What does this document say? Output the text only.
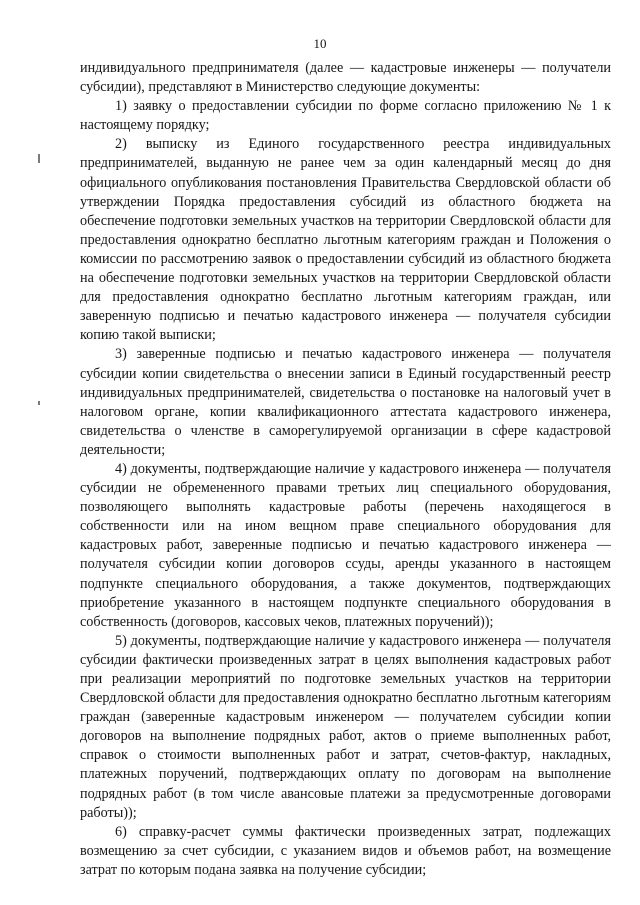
10

индивидуального предпринимателя (далее — кадастровые инженеры — получатели субсидии), представляют в Министерство следующие документы:

1) заявку о предоставлении субсидии по форме согласно приложению № 1 к настоящему порядку;

2) выписку из Единого государственного реестра индивидуальных предпринимателей, выданную не ранее чем за один календарный месяц до дня официального опубликования постановления Правительства Свердловской области об утверждении Порядка предоставления субсидий из областного бюджета на обеспечение подготовки земельных участков на территории Свердловской области для предоставления однократно бесплатно льготным категориям граждан и Положения о комиссии по рассмотрению заявок о предоставлении субсидий из областного бюджета на обеспечение подготовки земельных участков на территории Свердловской области для предоставления однократно бесплатно льготным категориям граждан, или заверенную подписью и печатью кадастрового инженера — получателя субсидии копию такой выписки;

3) заверенные подписью и печатью кадастрового инженера — получателя субсидии копии свидетельства о внесении записи в Единый государственный реестр индивидуальных предпринимателей, свидетельства о постановке на налоговый учет в налоговом органе, копии квалификационного аттестата кадастрового инженера, свидетельства о членстве в саморегулируемой организации в сфере кадастровой деятельности;

4) документы, подтверждающие наличие у кадастрового инженера — получателя субсидии не обремененного правами третьих лиц специального оборудования, позволяющего выполнять кадастровые работы (перечень находящегося в собственности или на ином вещном праве специального оборудования для кадастровых работ, заверенные подписью и печатью кадастрового инженера — получателя субсидии копии договоров ссуды, аренды указанного в настоящем подпункте специального оборудования, а также документов, подтверждающих приобретение указанного в настоящем подпункте специального оборудования в собственность (договоров, кассовых чеков, платежных поручений));

5) документы, подтверждающие наличие у кадастрового инженера — получателя субсидии фактически произведенных затрат в целях выполнения кадастровых работ при реализации мероприятий по подготовке земельных участков на территории Свердловской области для предоставления однократно бесплатно льготным категориям граждан (заверенные кадастровым инженером — получателем субсидии копии договоров на выполнение подрядных работ, актов о приеме выполненных работ, справок о стоимости выполненных работ и затрат, счетов-фактур, накладных, платежных поручений, подтверждающих оплату по договорам на выполнение подрядных работ (в том числе авансовые платежи за предусмотренные договорами работы));

6) справку-расчет суммы фактически произведенных затрат, подлежащих возмещению за счет субсидии, с указанием видов и объемов работ, на возмещение затрат по которым подана заявка на получение субсидии;
